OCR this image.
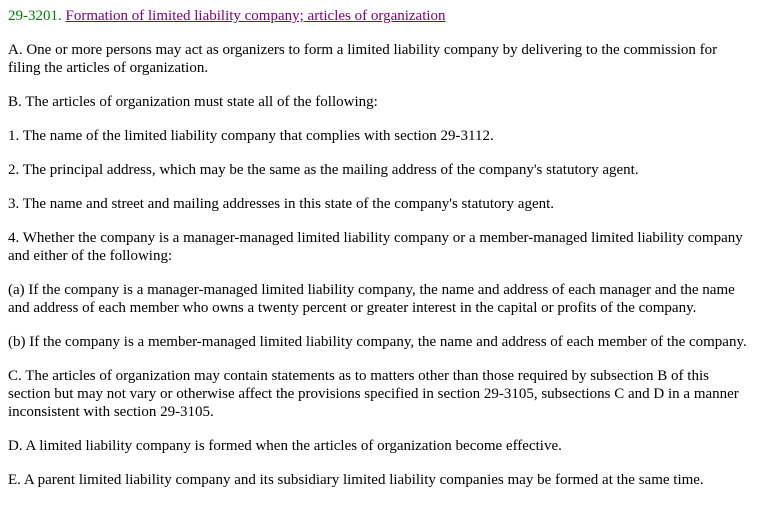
29-3201. Formation of limited liability company; articles of organization

A. One or more persons may act as organizers to form a limited liability company by delivering to the commission for filing the articles of organization.

B. The articles of organization must state all of the following:

1. The name of the limited liability company that complies with section 29-3112.

2. The principal address, which may be the same as the mailing address of the company's statutory agent.

3. The name and street and mailing addresses in this state of the company's statutory agent.

4. Whether the company is a manager-managed limited liability company or a member-managed limited liability company and either of the following:

(a) If the company is a manager-managed limited liability company, the name and address of each manager and the name and address of each member who owns a twenty percent or greater interest in the capital or profits of the company.

(b) If the company is a member-managed limited liability company, the name and address of each member of the company.

C. The articles of organization may contain statements as to matters other than those required by subsection B of this section but may not vary or otherwise affect the provisions specified in section 29-3105, subsections C and D in a manner inconsistent with section 29-3105.

D. A limited liability company is formed when the articles of organization become effective.

E. A parent limited liability company and its subsidiary limited liability companies may be formed at the same time.
